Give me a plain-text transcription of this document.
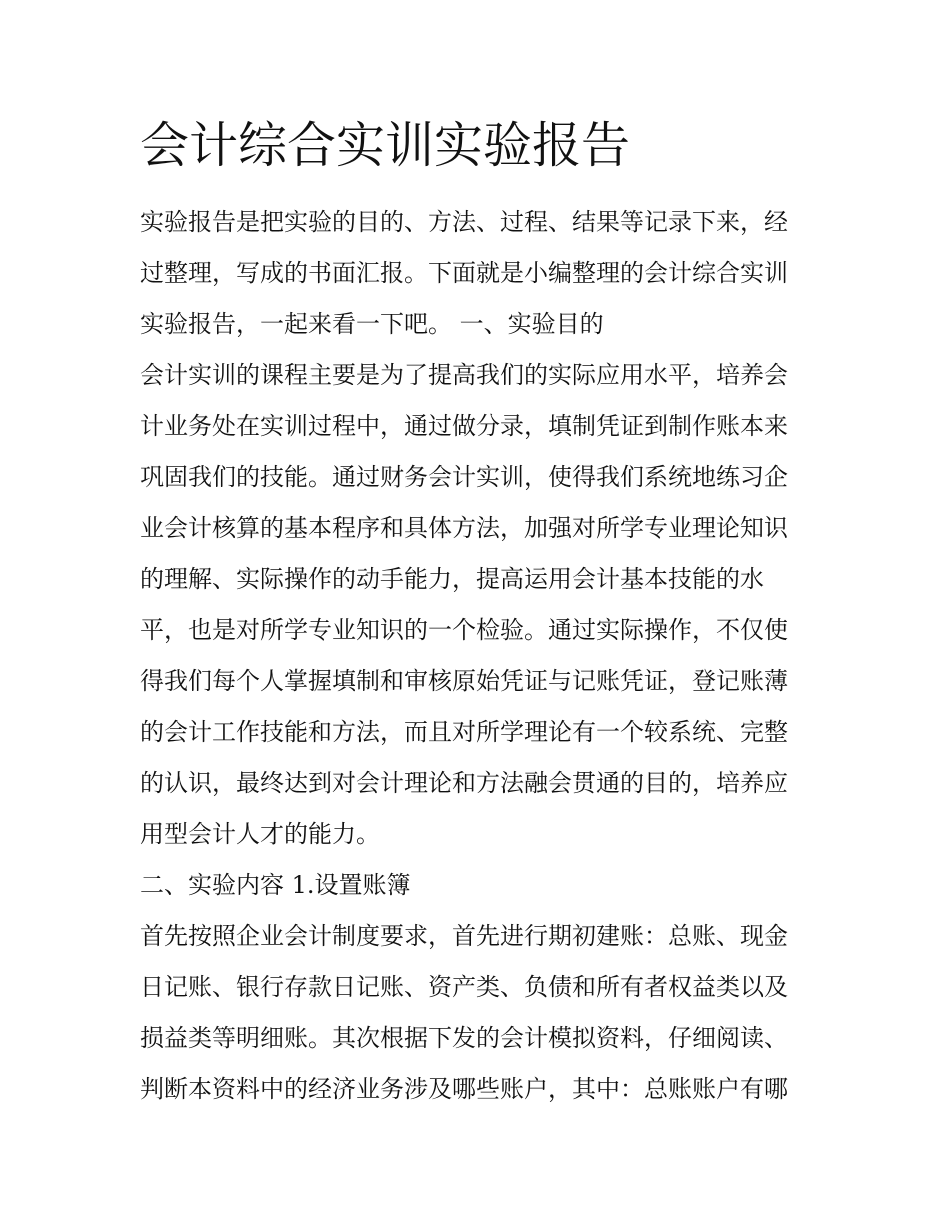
会计综合实训实验报告
实验报告是把实验的目的、方法、过程、结果等记录下来，经
过整理，写成的书面汇报。下面就是小编整理的会计综合实训
实验报告，一起来看一下吧。 一、实验目的
会计实训的课程主要是为了提高我们的实际应用水平，培养会
计业务处在实训过程中，通过做分录，填制凭证到制作账本来
巩固我们的技能。通过财务会计实训，使得我们系统地练习企
业会计核算的基本程序和具体方法，加强对所学专业理论知识
的理解、实际操作的动手能力，提高运用会计基本技能的水
平，也是对所学专业知识的一个检验。通过实际操作，不仅使
得我们每个人掌握填制和审核原始凭证与记账凭证，登记账薄
的会计工作技能和方法，而且对所学理论有一个较系统、完整
的认识，最终达到对会计理论和方法融会贯通的目的，培养应
用型会计人才的能力。
二、实验内容 1.设置账簿
首先按照企业会计制度要求，首先进行期初建账：总账、现金
日记账、银行存款日记账、资产类、负债和所有者权益类以及
损益类等明细账。其次根据下发的会计模拟资料，仔细阅读、
判断本资料中的经济业务涉及哪些账户，其中：总账账户有哪
